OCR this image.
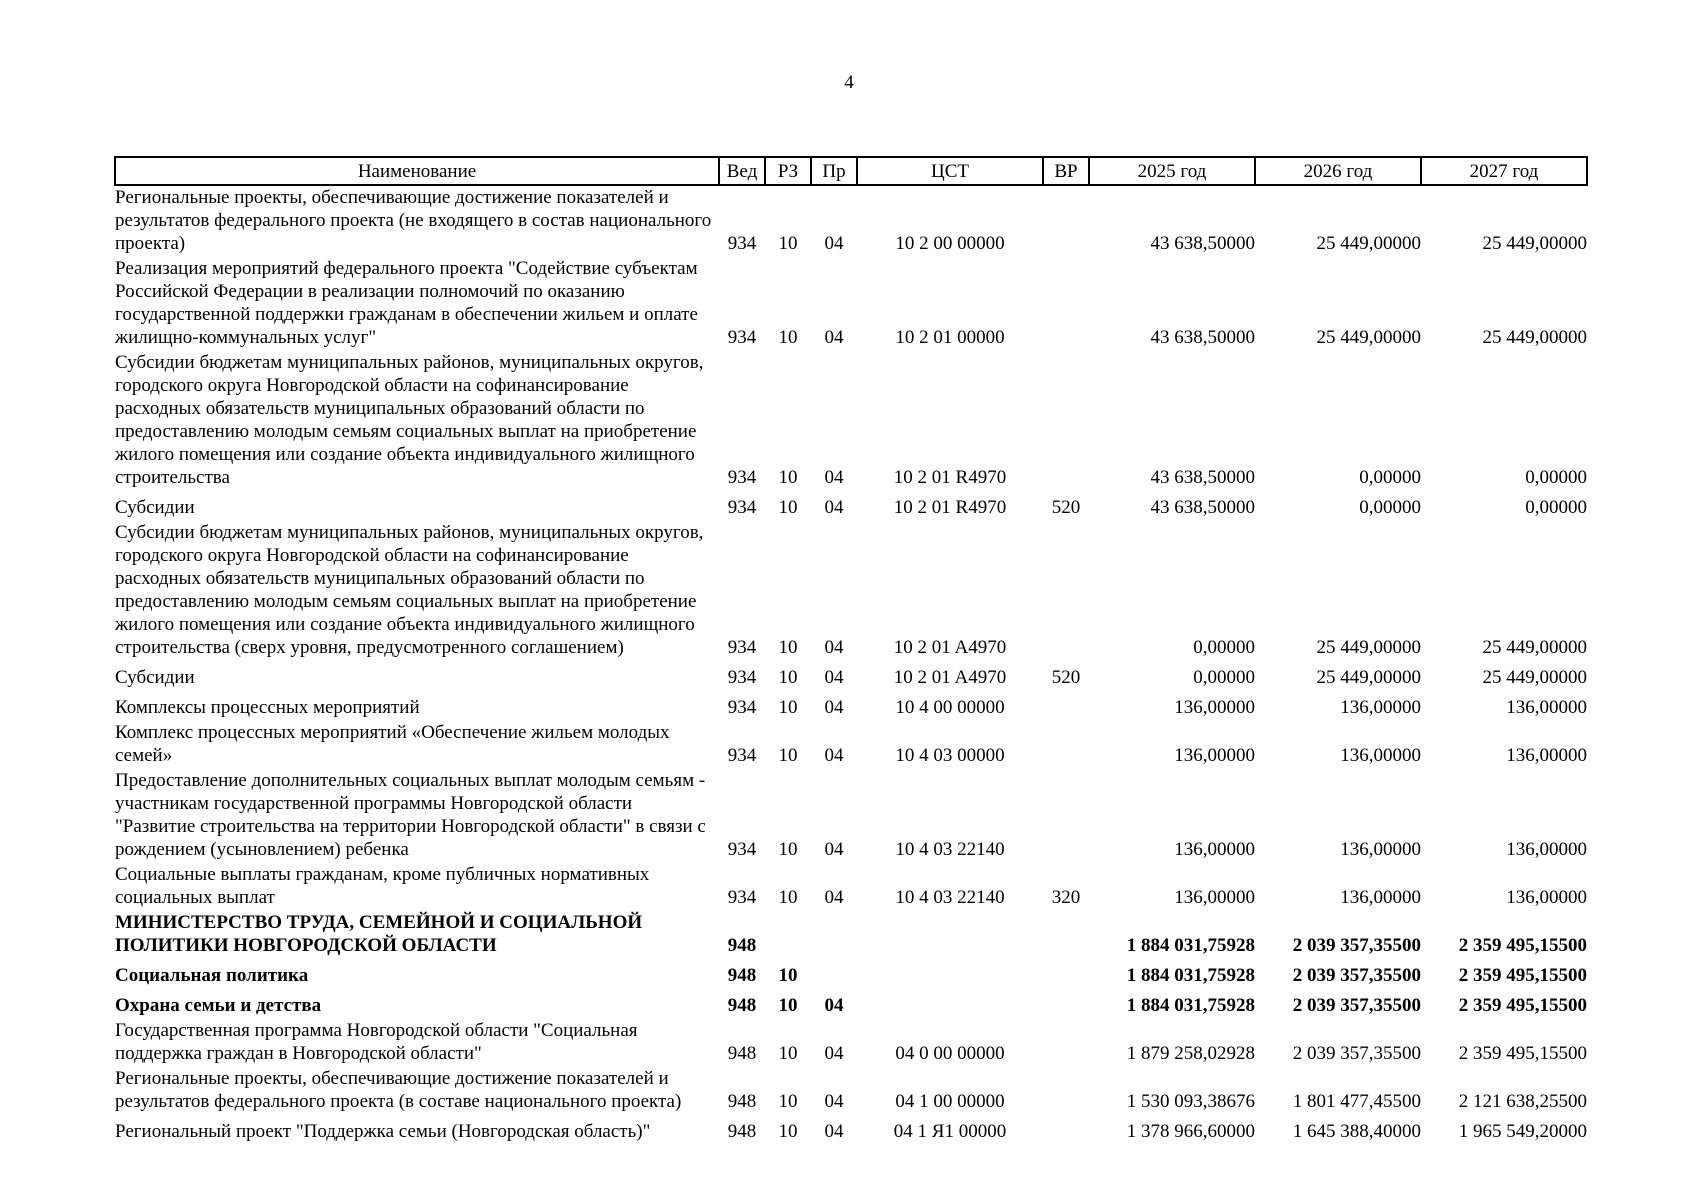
4
Наименование	Вед	РЗ	Пр	ЦСТ	ВР	2025 год	2026 год	2027 год
Региональные проекты, обеспечивающие достижение показателей и результатов федерального проекта (не входящего в состав национального проекта)	934	10	04	10 2 00 00000		43 638,50000	25 449,00000	25 449,00000
Реализация мероприятий федерального проекта "Содействие субъектам Российской Федерации в реализации полномочий по оказанию государственной поддержки гражданам в обеспечении жильем и оплате жилищно-коммунальных услуг"	934	10	04	10 2 01 00000		43 638,50000	25 449,00000	25 449,00000
Субсидии бюджетам муниципальных районов, муниципальных округов, городского округа Новгородской области на софинансирование расходных обязательств муниципальных образований области по предоставлению молодым семьям социальных выплат на приобретение жилого помещения или создание объекта индивидуального жилищного строительства	934	10	04	10 2 01 R4970		43 638,50000	0,00000	0,00000
Субсидии	934	10	04	10 2 01 R4970	520	43 638,50000	0,00000	0,00000
Субсидии бюджетам муниципальных районов, муниципальных округов, городского округа Новгородской области на софинансирование расходных обязательств муниципальных образований области по предоставлению молодым семьям социальных выплат на приобретение жилого помещения или создание объекта индивидуального жилищного строительства (сверх уровня, предусмотренного соглашением)	934	10	04	10 2 01 A4970		0,00000	25 449,00000	25 449,00000
Субсидии	934	10	04	10 2 01 A4970	520	0,00000	25 449,00000	25 449,00000
Комплексы процессных мероприятий	934	10	04	10 4 00 00000		136,00000	136,00000	136,00000
Комплекс процессных мероприятий «Обеспечение жильем молодых семей»	934	10	04	10 4 03 00000		136,00000	136,00000	136,00000
Предоставление дополнительных социальных выплат молодым семьям - участникам государственной программы Новгородской области "Развитие строительства на территории Новгородской области" в связи с рождением (усыновлением) ребенка	934	10	04	10 4 03 22140		136,00000	136,00000	136,00000
Социальные выплаты гражданам, кроме публичных нормативных социальных выплат	934	10	04	10 4 03 22140	320	136,00000	136,00000	136,00000
МИНИСТЕРСТВО ТРУДА, СЕМЕЙНОЙ И СОЦИАЛЬНОЙ ПОЛИТИКИ НОВГОРОДСКОЙ ОБЛАСТИ	948					1 884 031,75928	2 039 357,35500	2 359 495,15500
Социальная политика	948	10				1 884 031,75928	2 039 357,35500	2 359 495,15500
Охрана семьи и детства	948	10	04			1 884 031,75928	2 039 357,35500	2 359 495,15500
Государственная программа Новгородской области "Социальная поддержка граждан в Новгородской области"	948	10	04	04 0 00 00000		1 879 258,02928	2 039 357,35500	2 359 495,15500
Региональные проекты, обеспечивающие достижение показателей и результатов федерального проекта (в составе национального проекта)	948	10	04	04 1 00 00000		1 530 093,38676	1 801 477,45500	2 121 638,25500
Региональный проект "Поддержка семьи (Новгородская область)"	948	10	04	04 1 Я1 00000		1 378 966,60000	1 645 388,40000	1 965 549,20000
